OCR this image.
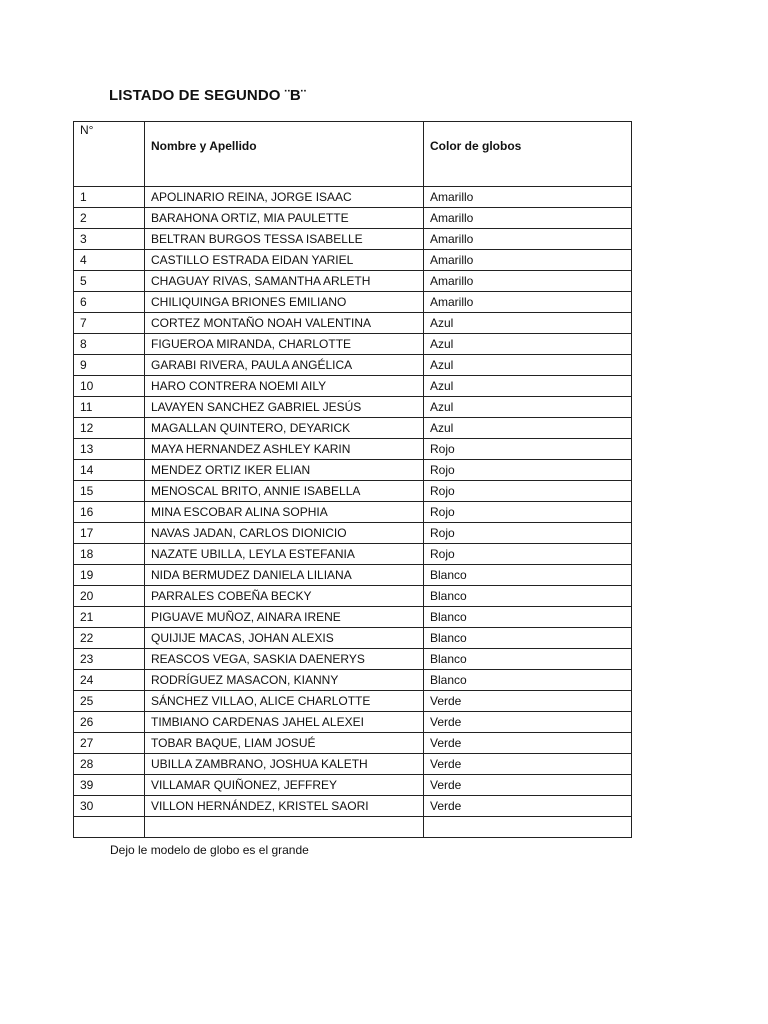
LISTADO DE SEGUNDO ¨B¨
N°	Nombre y Apellido	Color de globos

1	APOLINARIO REINA, JORGE ISAAC	Amarillo
2	BARAHONA ORTIZ, MIA PAULETTE	Amarillo
3	BELTRAN BURGOS TESSA ISABELLE	Amarillo
4	CASTILLO ESTRADA EIDAN YARIEL	Amarillo
5	CHAGUAY RIVAS, SAMANTHA ARLETH	Amarillo
6	CHILIQUINGA BRIONES EMILIANO	Amarillo
7	CORTEZ MONTAÑO NOAH VALENTINA	Azul
8	FIGUEROA MIRANDA, CHARLOTTE	Azul
9	GARABI RIVERA, PAULA ANGÉLICA	Azul
10	HARO CONTRERA NOEMI AILY	Azul
11	LAVAYEN SANCHEZ GABRIEL JESÚS	Azul
12	MAGALLAN QUINTERO, DEYARICK	Azul
13	MAYA HERNANDEZ ASHLEY KARIN	Rojo
14	MENDEZ ORTIZ IKER ELIAN	Rojo
15	MENOSCAL BRITO, ANNIE ISABELLA	Rojo
16	MINA ESCOBAR ALINA SOPHIA	Rojo
17	NAVAS JADAN, CARLOS DIONICIO	Rojo
18	NAZATE UBILLA, LEYLA ESTEFANIA	Rojo
19	NIDA BERMUDEZ DANIELA LILIANA	Blanco
20	PARRALES COBEÑA BECKY	Blanco
21	PIGUAVE MUÑOZ, AINARA IRENE	Blanco
22	QUIJIJE MACAS, JOHAN ALEXIS	Blanco
23	REASCOS VEGA, SASKIA DAENERYS	Blanco
24	RODRÍGUEZ MASACON, KIANNY	Blanco
25	SÁNCHEZ VILLAO, ALICE CHARLOTTE	Verde
26	TIMBIANO CARDENAS JAHEL ALEXEI	Verde
27	TOBAR BAQUE, LIAM JOSUÉ	Verde
28	UBILLA ZAMBRANO, JOSHUA KALETH	Verde
39	VILLAMAR QUIÑONEZ, JEFFREY	Verde
30	VILLON HERNÁNDEZ, KRISTEL SAORI	Verde

Dejo le modelo de globo es el grande
